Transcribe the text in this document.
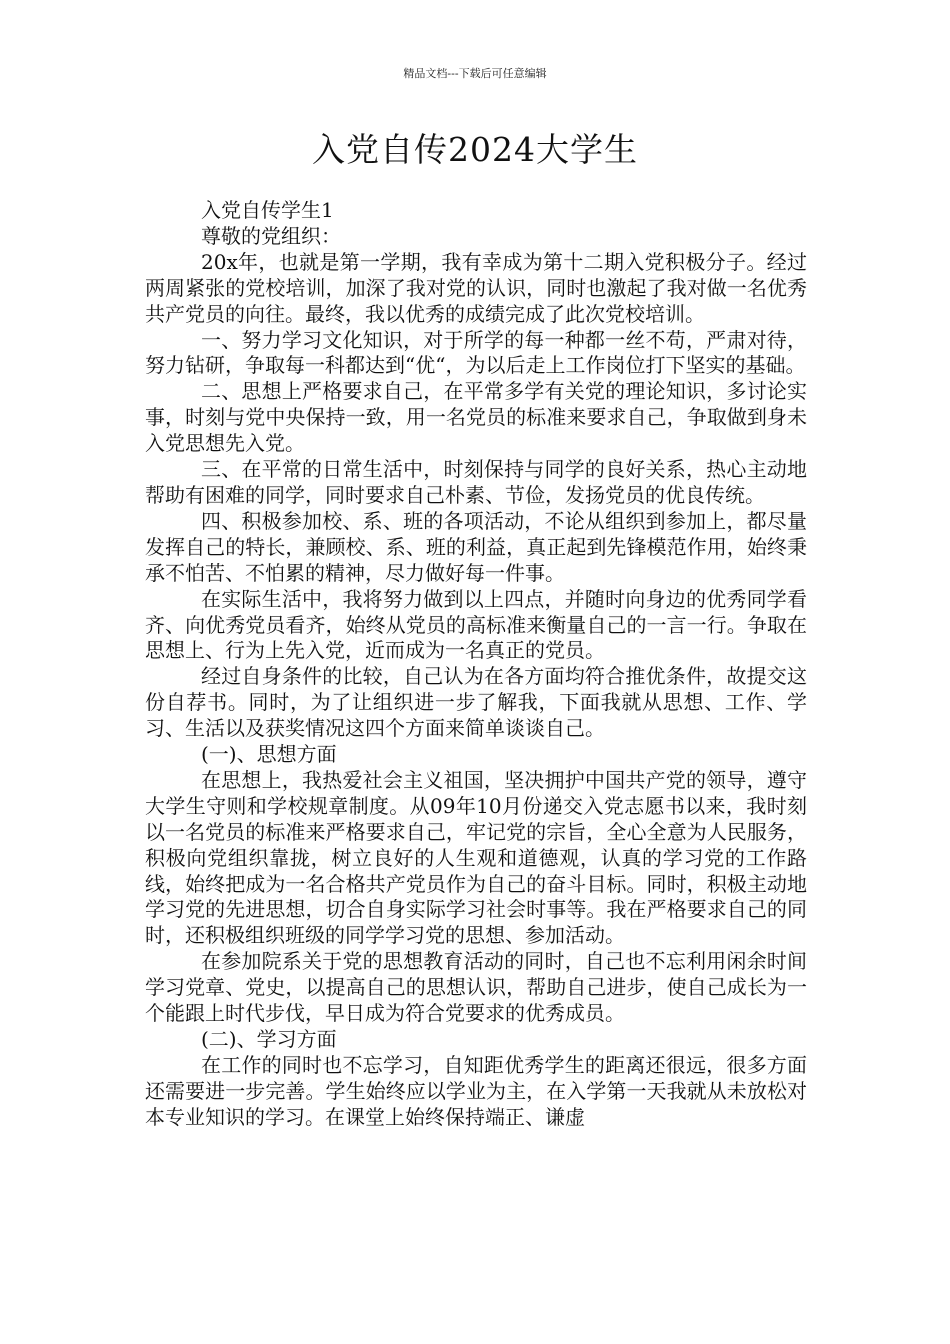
精品文档---下载后可任意编辑
入党自传2024大学生

入党自传学生1

尊敬的党组织：

20x年，也就是第一学期，我有幸成为第十二期入党积极分子。经过两周紧张的党校培训，加深了我对党的认识，同时也激起了我对做一名优秀共产党员的向往。最终，我以优秀的成绩完成了此次党校培训。

一、努力学习文化知识，对于所学的每一种都一丝不苟，严肃对待，努力钻研，争取每一科都达到“优“，为以后走上工作岗位打下坚实的基础。

二、思想上严格要求自己，在平常多学有关党的理论知识，多讨论实事，时刻与党中央保持一致，用一名党员的标准来要求自己，争取做到身未入党思想先入党。

三、在平常的日常生活中，时刻保持与同学的良好关系，热心主动地帮助有困难的同学，同时要求自己朴素、节俭，发扬党员的优良传统。

四、积极参加校、系、班的各项活动，不论从组织到参加上，都尽量发挥自己的特长，兼顾校、系、班的利益，真正起到先锋模范作用，始终秉承不怕苦、不怕累的精神，尽力做好每一件事。

在实际生活中，我将努力做到以上四点，并随时向身边的优秀同学看齐、向优秀党员看齐，始终从党员的高标准来衡量自己的一言一行。争取在思想上、行为上先入党，近而成为一名真正的党员。

经过自身条件的比较，自己认为在各方面均符合推优条件，故提交这份自荐书。同时，为了让组织进一步了解我，下面我就从思想、工作、学习、生活以及获奖情况这四个方面来简单谈谈自己。

(一)、思想方面

在思想上，我热爱社会主义祖国，坚决拥护中国共产党的领导，遵守大学生守则和学校规章制度。从09年10月份递交入党志愿书以来，我时刻以一名党员的标准来严格要求自己，牢记党的宗旨，全心全意为人民服务，积极向党组织靠拢，树立良好的人生观和道德观，认真的学习党的工作路线，始终把成为一名合格共产党员作为自己的奋斗目标。同时，积极主动地学习党的先进思想，切合自身实际学习社会时事等。我在严格要求自己的同时，还积极组织班级的同学学习党的思想、参加活动。

在参加院系关于党的思想教育活动的同时，自己也不忘利用闲余时间学习党章、党史，以提高自己的思想认识，帮助自己进步，使自己成长为一个能跟上时代步伐，早日成为符合党要求的优秀成员。

(二)、学习方面

在工作的同时也不忘学习，自知距优秀学生的距离还很远，很多方面还需要进一步完善。学生始终应以学业为主，在入学第一天我就从未放松对本专业知识的学习。在课堂上始终保持端正、谦虚
